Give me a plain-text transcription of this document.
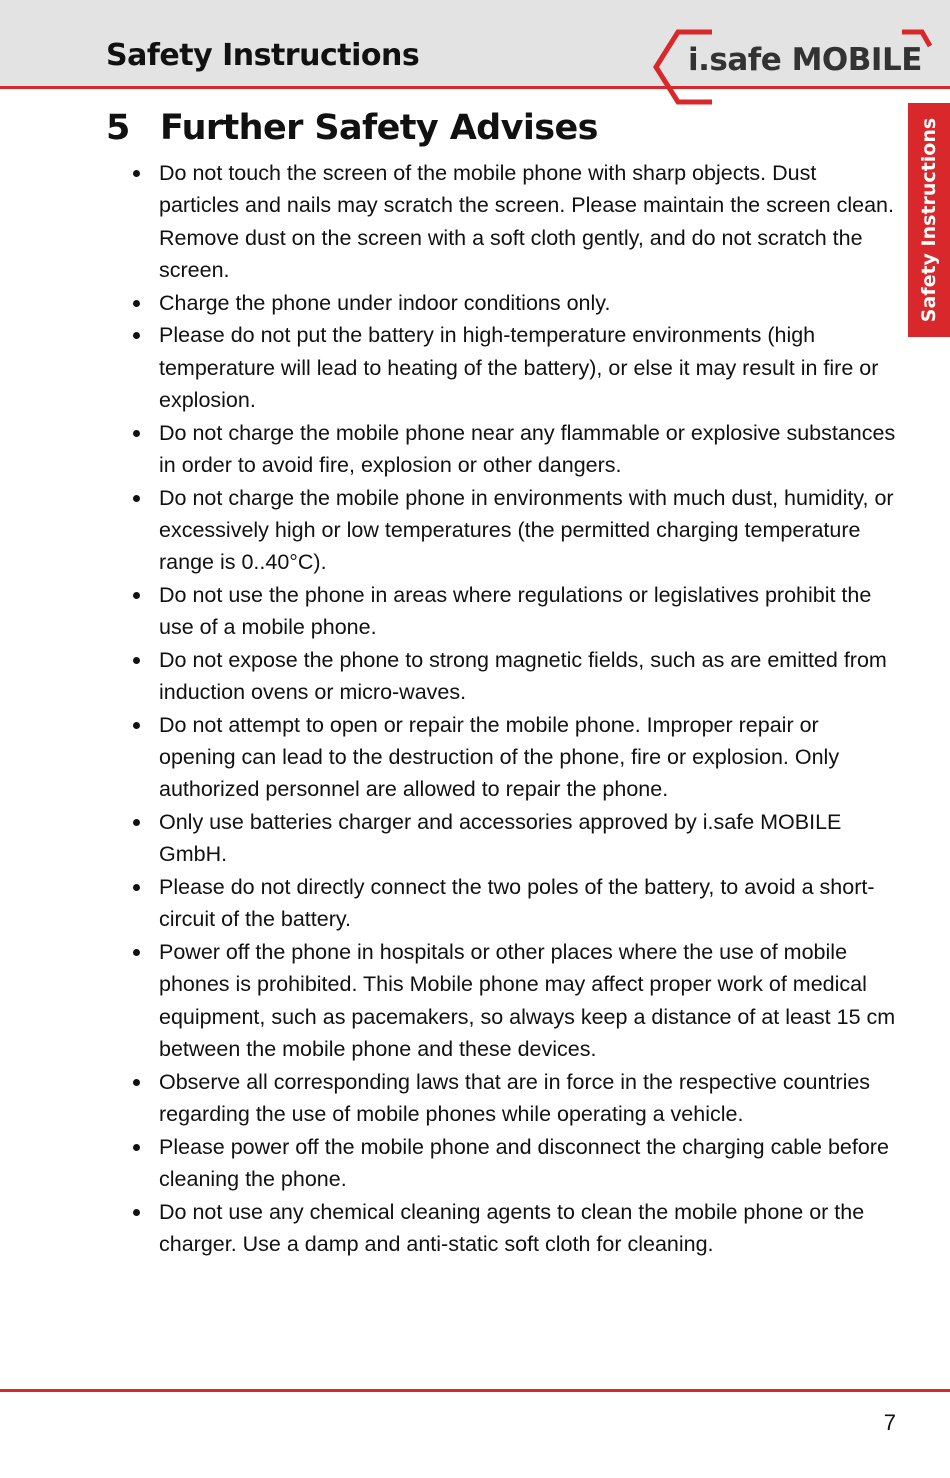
Safety Instructions	i.safe MOBILE
Safety Instructions
5 Further Safety Advises
Do not touch the screen of the mobile phone with sharp objects. Dust particles and nails may scratch the screen. Please maintain the screen clean. Remove dust on the screen with a soft cloth gently, and do not scratch the screen.
Charge the phone under indoor conditions only.
Please do not put the battery in high-temperature environments (high temperature will lead to heating of the battery), or else it may result in fire or explosion.
Do not charge the mobile phone near any flammable or explosive substances in order to avoid fire, explosion or other dangers.
Do not charge the mobile phone in environments with much dust, humidity, or excessively high or low temperatures (the permitted charging temperature range is 0..40°C).
Do not use the phone in areas where regulations or legislatives prohibit the use of a mobile phone.
Do not expose the phone to strong magnetic fields, such as are emitted from induction ovens or micro-waves.
Do not attempt to open or repair the mobile phone. Improper repair or opening can lead to the destruction of the phone, fire or explosion. Only authorized personnel are allowed to repair the phone.
Only use batteries charger and accessories approved by i.safe MOBILE GmbH.
Please do not directly connect the two poles of the battery, to avoid a short-circuit of the battery.
Power off the phone in hospitals or other places where the use of mobile phones is prohibited. This Mobile phone may affect proper work of medical equipment, such as pacemakers, so always keep a distance of at least 15 cm between the mobile phone and these devices.
Observe all corresponding laws that are in force in the respective countries regarding the use of mobile phones while operating a vehicle.
Please power off the mobile phone and disconnect the charging cable before cleaning the phone.
Do not use any chemical cleaning agents to clean the mobile phone or the charger. Use a damp and anti-static soft cloth for cleaning.
7
